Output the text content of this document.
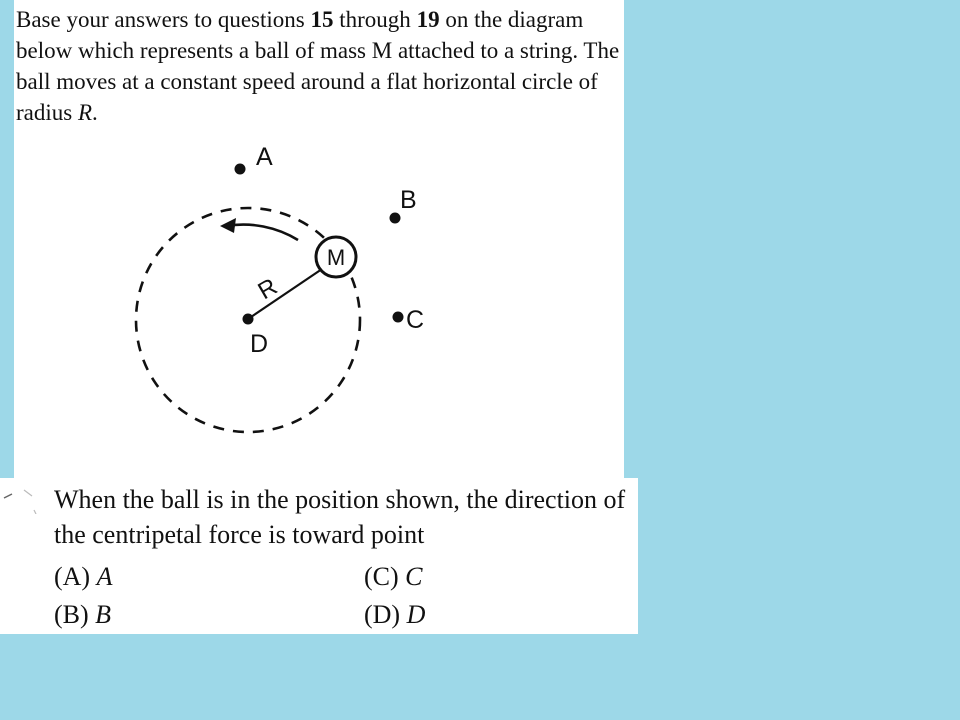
Base your answers to questions 15 through 19 on the diagram below which represents a ball of mass M attached to a string. The ball moves at a constant speed around a flat horizontal circle of radius R.
M
R
D
A
B
C
When the ball is in the position shown, the direction of the centripetal force is toward point
(A) A
(B) B
(C) C
(D) D
